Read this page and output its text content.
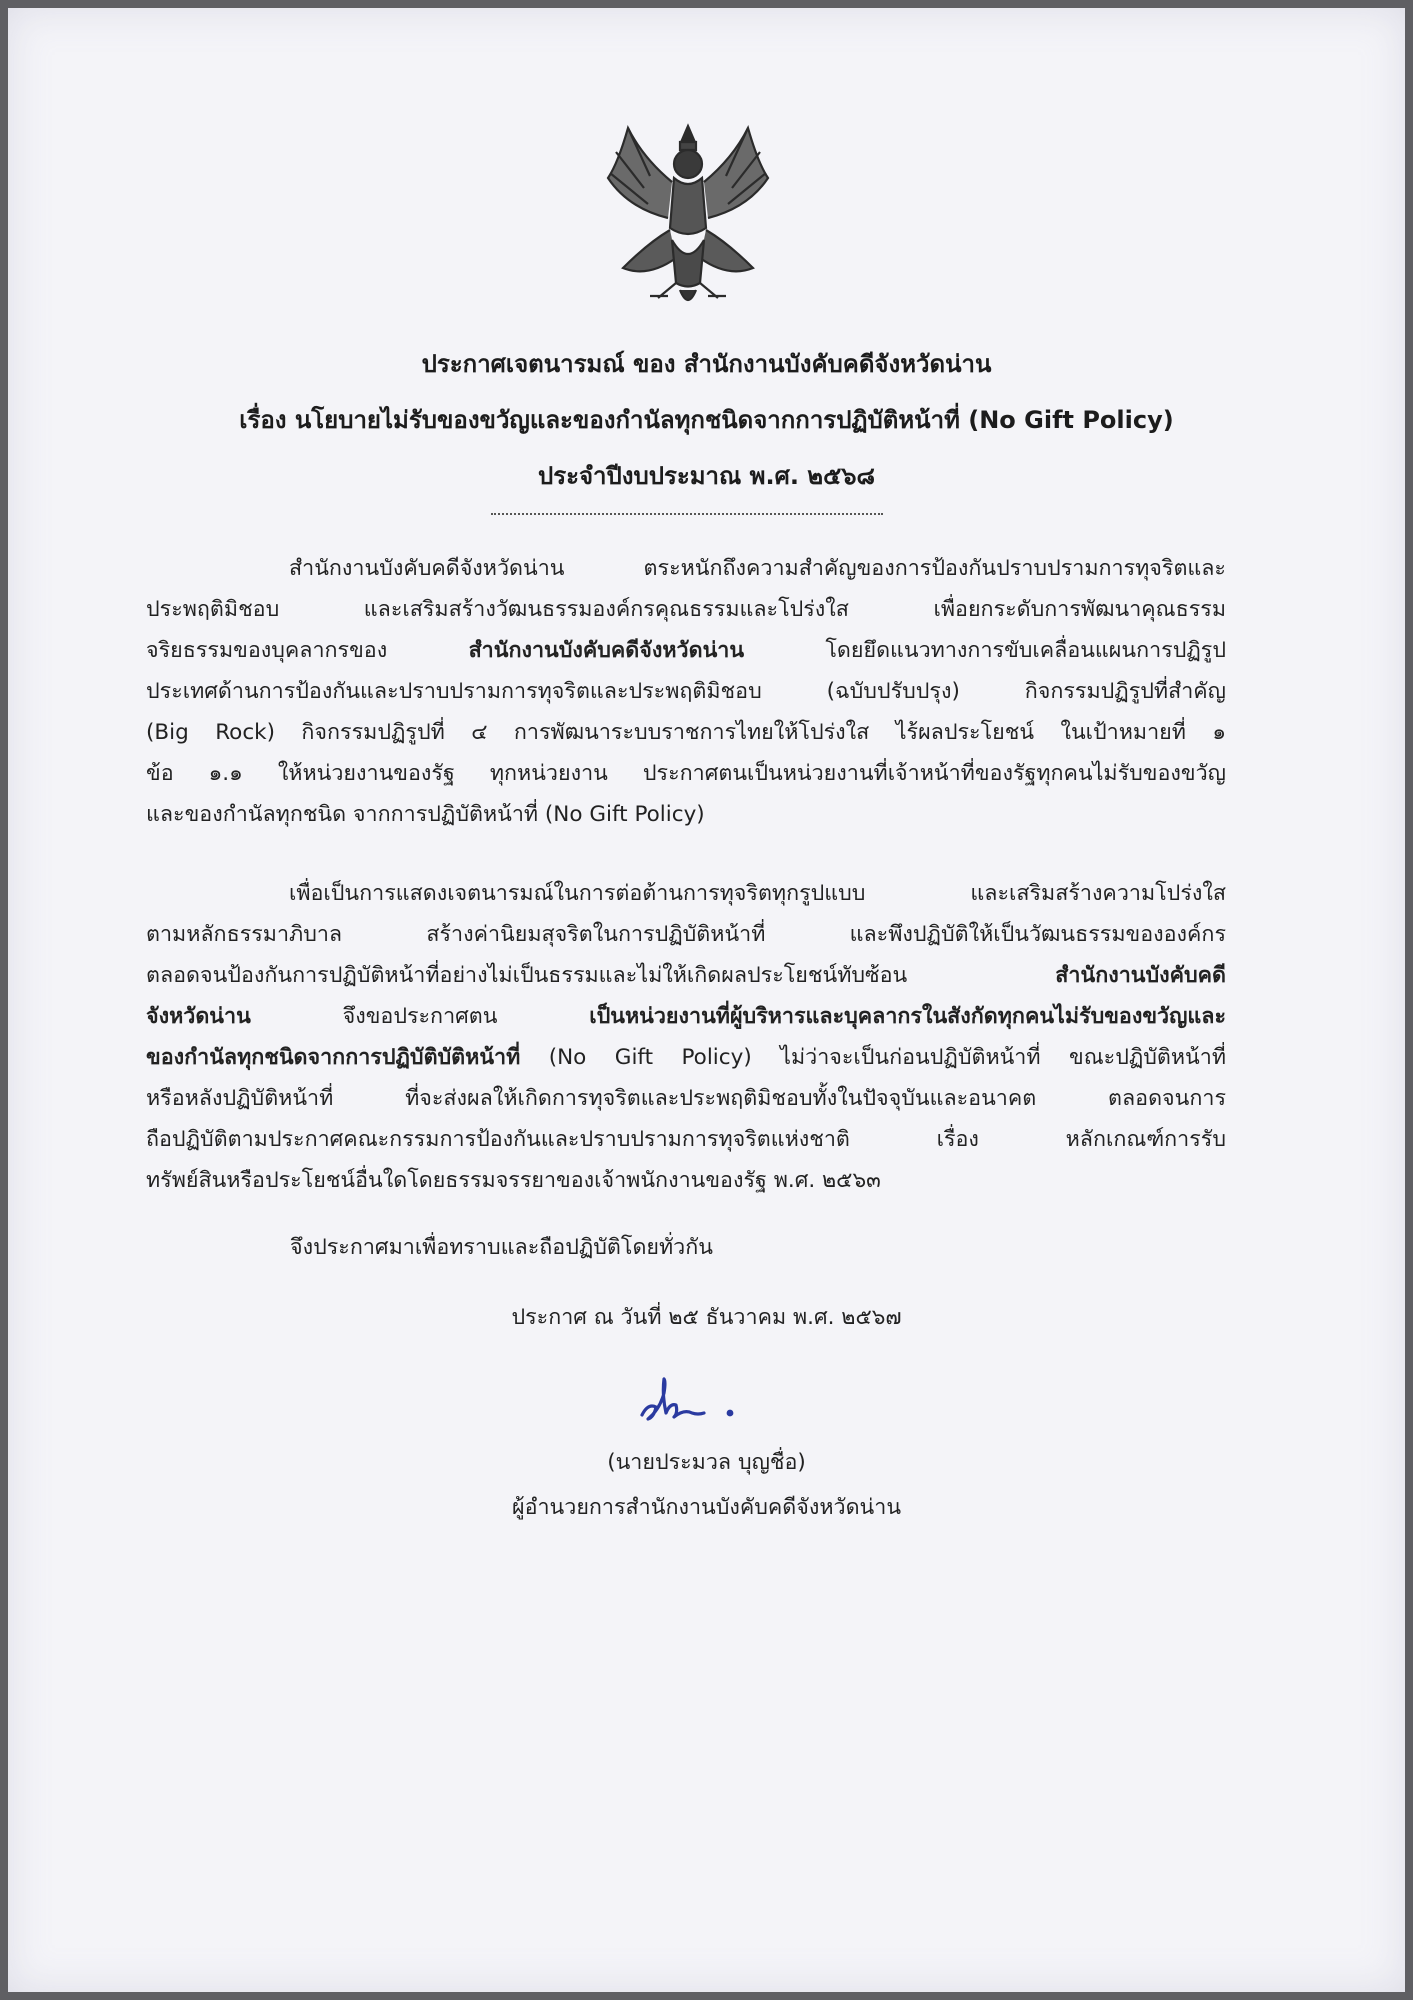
ประกาศเจตนารมณ์ ของ สำนักงานบังคับคดีจังหวัดน่าน
เรื่อง นโยบายไม่รับของขวัญและของกำนัลทุกชนิดจากการปฏิบัติหน้าที่ (No Gift Policy)
ประจำปีงบประมาณ พ.ศ. ๒๕๖๘
สำนักงานบังคับคดีจังหวัดน่าน ตระหนักถึงความสำคัญของการป้องกันปราบปรามการทุจริตและ
ประพฤติมิชอบ และเสริมสร้างวัฒนธรรมองค์กรคุณธรรมและโปร่งใส เพื่อยกระดับการพัฒนาคุณธรรม
จริยธรรมของบุคลากรของ สำนักงานบังคับคดีจังหวัดน่าน โดยยึดแนวทางการขับเคลื่อนแผนการปฏิรูป
ประเทศด้านการป้องกันและปราบปรามการทุจริตและประพฤติมิชอบ (ฉบับปรับปรุง) กิจกรรมปฏิรูปที่สำคัญ
(Big Rock) กิจกรรมปฏิรูปที่ ๔ การพัฒนาระบบราชการไทยให้โปร่งใส ไร้ผลประโยชน์ ในเป้าหมายที่ ๑
ข้อ ๑.๑ ให้หน่วยงานของรัฐ ทุกหน่วยงาน ประกาศตนเป็นหน่วยงานที่เจ้าหน้าที่ของรัฐทุกคนไม่รับของขวัญ
และของกำนัลทุกชนิด จากการปฏิบัติหน้าที่ (No Gift Policy)
เพื่อเป็นการแสดงเจตนารมณ์ในการต่อต้านการทุจริตทุกรูปแบบ และเสริมสร้างความโปร่งใส
ตามหลักธรรมาภิบาล สร้างค่านิยมสุจริตในการปฏิบัติหน้าที่ และพึงปฏิบัติให้เป็นวัฒนธรรมขององค์กร
ตลอดจนป้องกันการปฏิบัติหน้าที่อย่างไม่เป็นธรรมและไม่ให้เกิดผลประโยชน์ทับซ้อน สำนักงานบังคับคดี
จังหวัดน่าน จึงขอประกาศตน เป็นหน่วยงานที่ผู้บริหารและบุคลากรในสังกัดทุกคนไม่รับของขวัญและ
ของกำนัลทุกชนิดจากการปฏิบัติบัติหน้าที่ (No Gift Policy) ไม่ว่าจะเป็นก่อนปฏิบัติหน้าที่ ขณะปฏิบัติหน้าที่
หรือหลังปฏิบัติหน้าที่ ที่จะส่งผลให้เกิดการทุจริตและประพฤติมิชอบทั้งในปัจจุบันและอนาคต ตลอดจนการ
ถือปฏิบัติตามประกาศคณะกรรมการป้องกันและปราบปรามการทุจริตแห่งชาติ เรื่อง หลักเกณฑ์การรับ
ทรัพย์สินหรือประโยชน์อื่นใดโดยธรรมจรรยาของเจ้าพนักงานของรัฐ พ.ศ. ๒๕๖๓
จึงประกาศมาเพื่อทราบและถือปฏิบัติโดยทั่วกัน
ประกาศ ณ วันที่ ๒๕ ธันวาคม พ.ศ. ๒๕๖๗
(นายประมวล บุญชื่อ)
ผู้อำนวยการสำนักงานบังคับคดีจังหวัดน่าน
